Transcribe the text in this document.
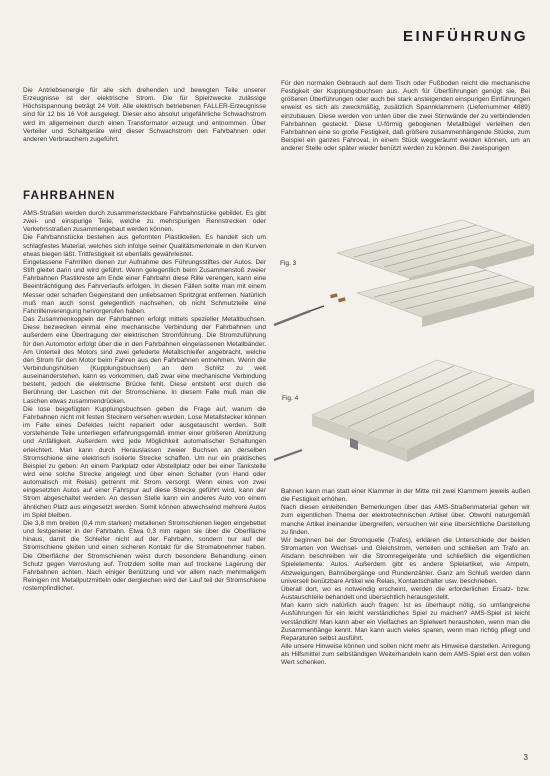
EINFÜHRUNG

Die Antriebsenergie für alle sich drehenden und bewegten Teile unserer Erzeugnisse ist der elektrische Strom. Die für Spielzwecke zulässige Höchstspannung beträgt 24 Volt. Alle elektrisch betriebenen FALLER-Erzeugnisse sind für 12 bis 16 Volt ausgelegt. Dieser also absolut ungefährliche Schwachstrom wird im allgemeinen durch einen Transformator erzeugt und entnommen. Über Verteiler und Schaltgeräte wird dieser Schwachstrom den Fahrbahnen oder anderen Verbrauchern zugeführt.

Für den normalen Gebrauch auf dem Tisch oder Fußboden reicht die mechanische Festigkeit der Kupplungsbuchsen aus. Auch für Überführungen genügt sie. Bei größeren Überführungen oder auch bei stark ansteigenden einspurigen Einführungen erweist es sich als zweckmäßig, zusätzlich Spannklammern (Liefernummer 4889) einzubauen. Diese werden von unten über die zwei Stirnwände der zu verbindenden Fahrbahnen gesteckt. Diese U-förmig gebogenen Metallbügel verleihen den Fahrbahnen eine so große Festigkeit, daß größere zusammenhängende Stücke, zum Beispiel ein ganzes Fahroval, in einem Stück weggeräumt werden können, um an anderer Stelle oder später wieder benützt werden zu können. Bei zweispurigen

FAHRBAHNEN

AMS-Straßen werden durch zusammensteckbare Fahrbahnstücke gebildet. Es gibt zwei- und einspurige Teile, welche zu mehrspurigen Rennstrecken oder Verkehrsstraßen zusammengebaut werden können.

Die Fahrbahnstücke bestehen aus geformten Plastikteilen. Es handelt sich um schlagfestes Material, welches sich infolge seiner Qualitätsmerkmale in den Kurven etwas biegen läßt. Trittfestigkeit ist ebenfalls gewährleistet.

Eingelassene Fahrrillen dienen zur Aufnahme des Führungsstiftes der Autos. Der Stift gleitet darin und wird geführt. Wenn gelegentlich beim Zusammenstoß zweier Fahrbahnen Plastikreste am Ende einer Fahrbahn diese Rille verengen, kann eine Beeinträchtigung des Fahrverlaufs erfolgen. In diesen Fällen sollte man mit einem Messer oder scharfen Gegenstand den unliebsamen Spritzgrat entfernen. Natürlich muß man auch sonst gelegentlich nachsehen, ob nicht Schmutzteile eine Fahrrillenverengung hervorgerufen haben.

Das Zusammenkoppeln der Fahrbahnen erfolgt mittels spezieller Metallbuchsen. Diese bezwecken einmal eine mechanische Verbindung der Fahrbahnen und außerdem eine Übertragung der elektrischen Stromführung. Die Stromzuführung für den Automotor erfolgt über die in den Fahrbahnen eingelassenen Metallbänder. Am Unterteil des Motors sind zwei gefederte Metallschleifer angebracht, welche den Strom für den Motor beim Fahren aus den Fahrbahnen entnehmen. Wenn die Verbindungshülsen (Kupplungsbuchsen) an dem Schlitz zu weit auseinanderstehen, kann es vorkommen, daß zwar eine mechanische Verbindung besteht, jedoch die elektrische Brücke fehlt. Diese entsteht erst durch die Berührung der Laschen mit der Stromschiene. In diesem Falle muß man die Laschen etwas zusammendrücken.

Die lose beigefügten Kupplungsbuchsen geben die Frage auf, warum die Fahrbahnen nicht mit festen Steckern versehen wurden. Lose Metallstecker können im Falle eines Defektes leicht repariert oder ausgetauscht werden. Sollt vorstehende Teile unterliegen erfahrungsgemäß immer einer größeren Abnützung und Anfälligkeit. Außerdem wird jede Möglichkeit automatischer Schaltungen erleichtert. Man kann durch Herauslassen zweier Buchsen an derselben Stromschiene eine elektrisch isolierte Strecke schaffen. Um nur ein praktisches Beispiel zu geben: An einem Parkplatz oder Abstellplatz oder bei einer Tankstelle wird eine solche Strecke angelegt und über einen Schalter (von Hand oder automatisch mit Relais) getrennt mit Strom versorgt. Wenn eines von zwei eingesetzten Autos auf einer Fahrspur auf diese Strecke geführt wird, kann der Strom abgeschaltet werden. An dessen Stelle kann ein anderes Auto von einem ähnlichen Platz aus eingesetzt werden. Somit können abwechselnd mehrere Autos im Spiel bleiben.

Die 3,8 mm breiten (0,4 mm starken) metallenen Stromschienen liegen eingebettet und festgenietet in der Fahrbahn. Etwa 0,3 mm ragen sie über die Oberfläche hinaus, damit die Schleifer nicht auf der Fahrbahn, sondern nur auf der Stromschiene gleiten und einen sicheren Kontakt für die Stromabnehmer haben. Die Oberfläche der Stromschienen weist durch besondere Behandlung einen Schutz gegen Verrostung auf. Trotzdem sollte man auf trockene Lagerung der Fahrbahnen achten. Nach einiger Benützung und vor allem nach mehrmaligem Reinigen mit Metallputzmitteln oder dergleichen wird der Lauf teil der Stromschiene rostempfindlicher.

Fig. 3
Fig. 4

Bahnen kann man statt einer Klammer in der Mitte mit zwei Klammern jeweils außen die Festigkeit erhöhen.

Nach diesen einleitenden Bemerkungen über das AMS-Straßenmaterial gehen wir zum eigentlichen Thema der elektrotechnischen Artikel über. Obwohl naturgemäß manche Artikel ineinander übergreifen, versuchen wir eine übersichtliche Darstellung zu finden.

Wir beginnen bei der Stromquelle (Trafos), erklären die Unterschiede der beiden Stromarten von Wechsel- und Gleichstrom, verteilen und schließen am Trafo an. Alsdann beschreiben wir die Stromregelgeräte und schließlich die eigentlichen Spielelemente: Autos. Außerdem gibt es andere Spielartikel, wie Ampeln, Abzweigungen, Bahnübergänge und Rundenzähler. Ganz am Schluß werden dann universell benützbare Artikel wie Relais, Kontaktschalter usw. beschrieben.

Überall dort, wo es notwendig erscheint, werden die erforderlichen Ersatz- bzw. Austauschteile behandelt und übersichtlich herausgestellt.

Man kann sich natürlich auch fragen: Ist es überhaupt nötig, so umfangreiche Ausführungen für ein leicht verständliches Spiel zu machen? AMS-Spiel ist leicht verständlich! Man kann aber ein Vielfaches an Spielwert herausholen, wenn man die Zusammenhänge kennt. Man kann auch vieles sparen, wenn man richtig pflegt und Reparaturen selbst ausführt.

Alle unsere Hinweise können und sollen nicht mehr als Hinweise darstellen. Anregung als Hilfsmittel zum selbständigen Weiterhandeln kann dem AMS-Spiel erst den vollen Wert schenken.

3
